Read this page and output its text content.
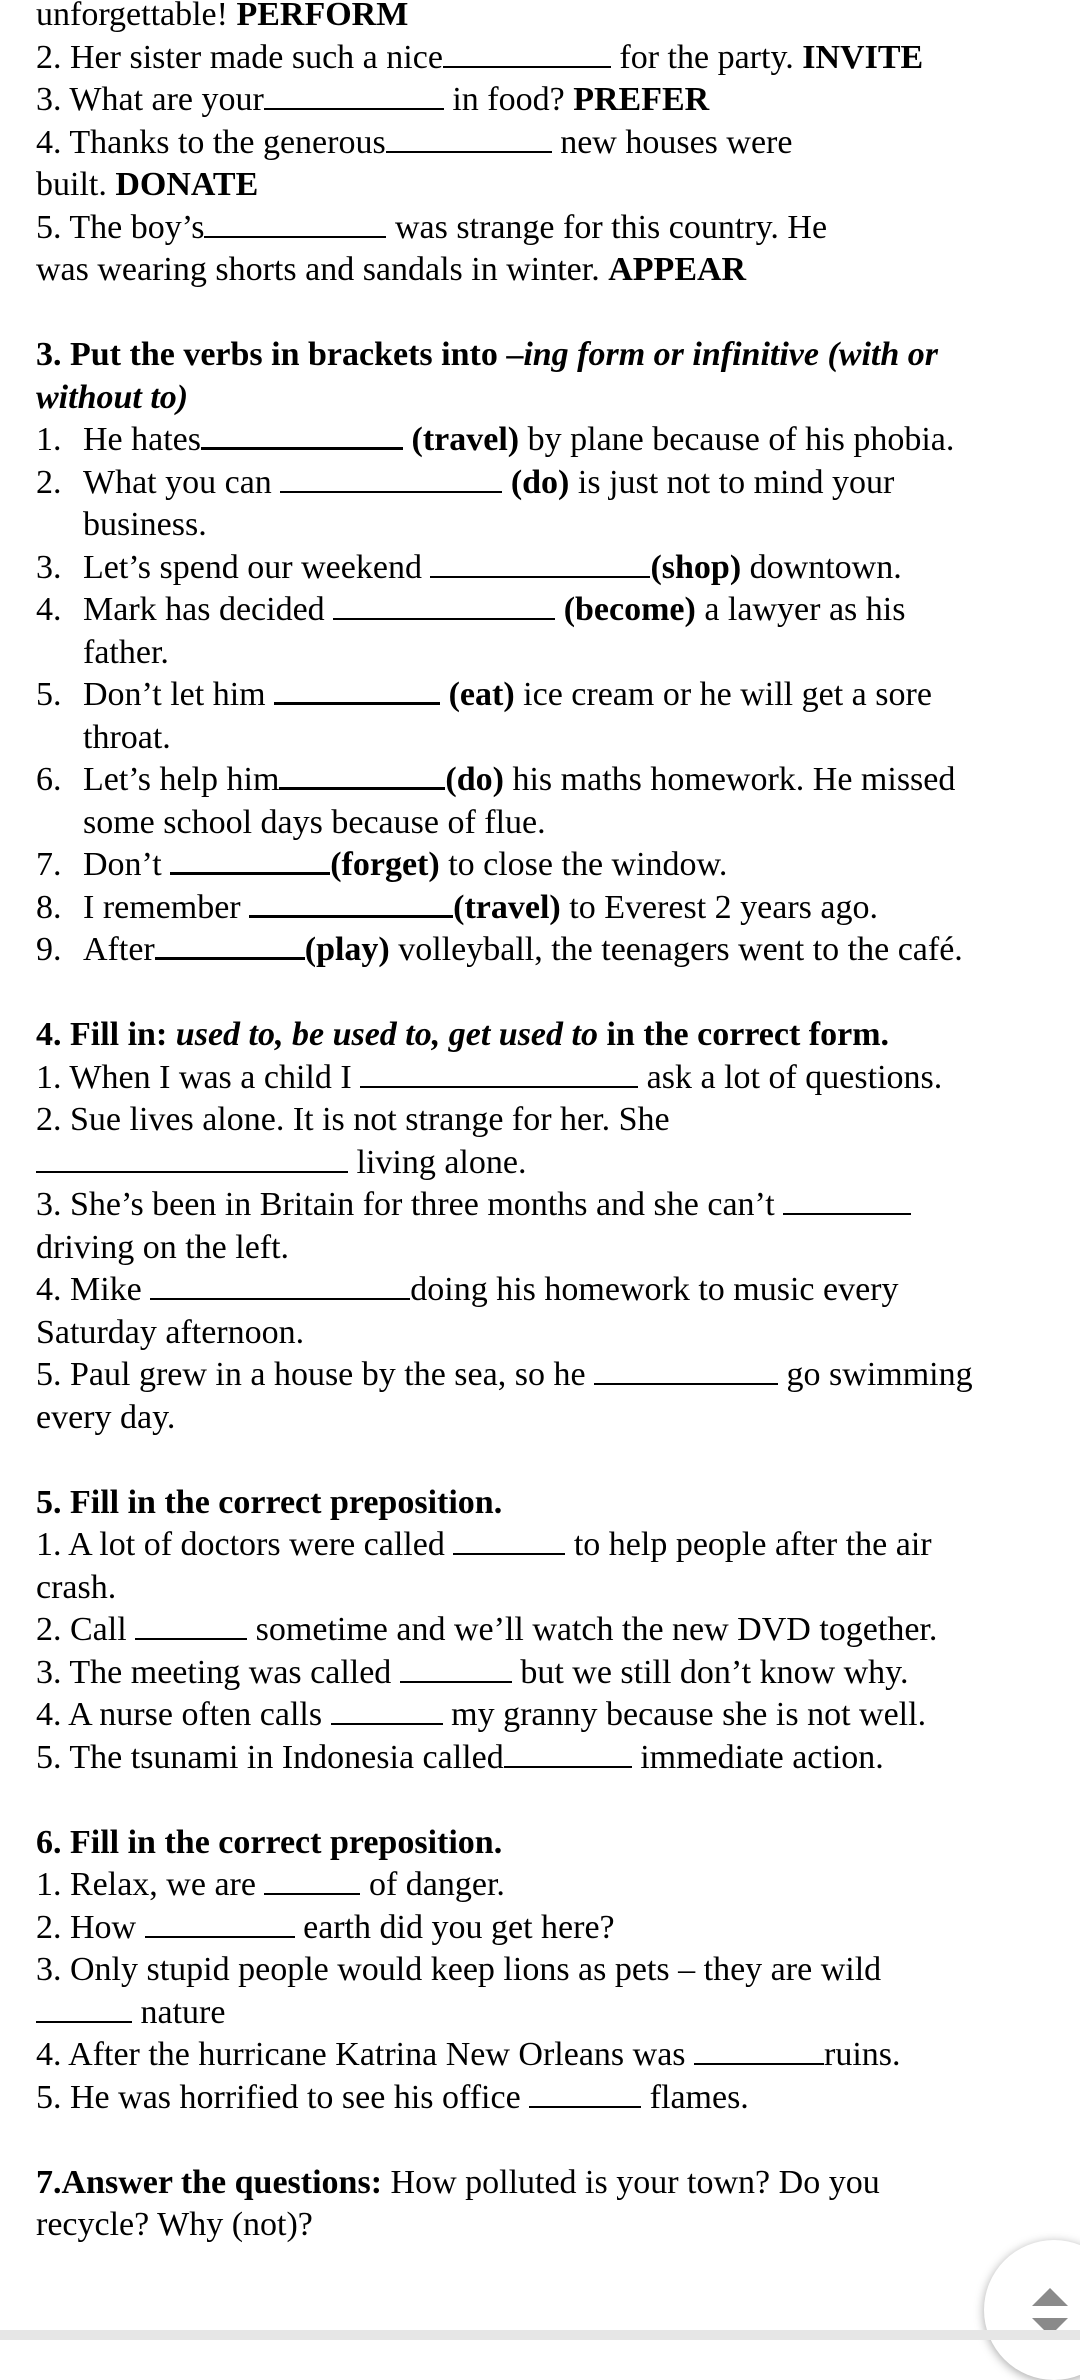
unforgettable! PERFORM
2. Her sister made such a nice	for the party. INVITE
3. What are your	in food? PREFER
4. Thanks to the generous	new houses were
built. DONATE
5. The boy’s	was strange for this country. He
was wearing shorts and sandals in winter. APPEAR
3. Put the verbs in brackets into –ing form or infinitive (with or
without to)
1. He hates	(travel) by plane because of his phobia.
2. What you can	(do) is just not to mind your
business.
3. Let’s spend our weekend	(shop) downtown.
4. Mark has decided	(become) a lawyer as his
father.
5. Don’t let him	(eat) ice cream or he will get a sore
throat.
6. Let’s help him	(do) his maths homework. He missed
some school days because of flue.
7. Don’t	(forget) to close the window.
8. I remember	(travel) to Everest 2 years ago.
9. After	(play) volleyball, the teenagers went to the café.
4. Fill in: used to, be used to, get used to in the correct form.
1. When I was a child I	ask a lot of questions.
2. Sue lives alone. It is not strange for her. She
living alone.
3. She’s been in Britain for three months and she can’t
driving on the left.
4. Mike	doing his homework to music every
Saturday afternoon.
5. Paul grew in a house by the sea, so he	go swimming
every day.
5. Fill in the correct preposition.
1. A lot of doctors were called	to help people after the air
crash.
2. Call	sometime and we’ll watch the new DVD together.
3. The meeting was called	but we still don’t know why.
4. A nurse often calls	my granny because she is not well.
5. The tsunami in Indonesia called	immediate action.
6. Fill in the correct preposition.
1. Relax, we are	of danger.
2. How	earth did you get here?
3. Only stupid people would keep lions as pets – they are wild
nature
4. After the hurricane Katrina New Orleans was	ruins.
5. He was horrified to see his office	flames.
7.Answer the questions: How polluted is your town? Do you
recycle? Why (not)?
